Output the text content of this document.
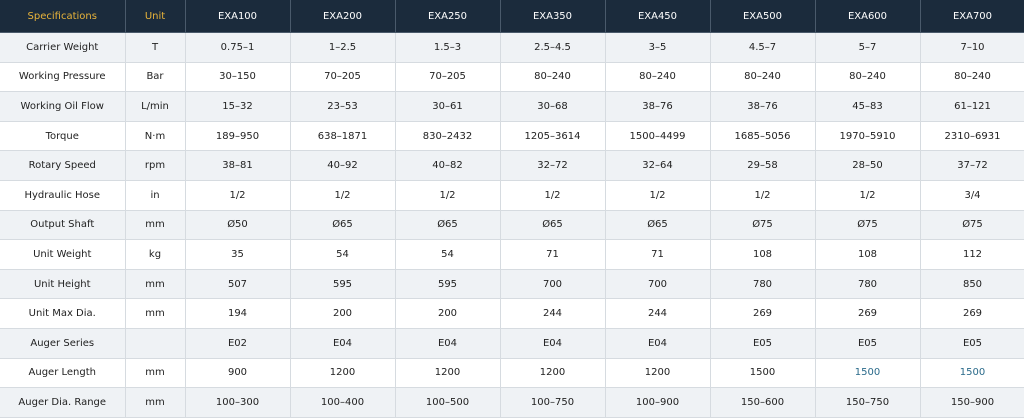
Specifications	Unit	EXA100	EXA200	EXA250	EXA350	EXA450	EXA500	EXA600	EXA700
Carrier Weight	T	0.75–1	1–2.5	1.5–3	2.5–4.5	3–5	4.5–7	5–7	7–10
Working Pressure	Bar	30–150	70–205	70–205	80–240	80–240	80–240	80–240	80–240
Working Oil Flow	L/min	15–32	23–53	30–61	30–68	38–76	38–76	45–83	61–121
Torque	N·m	189–950	638–1871	830–2432	1205–3614	1500–4499	1685–5056	1970–5910	2310–6931
Rotary Speed	rpm	38–81	40–92	40–82	32–72	32–64	29–58	28–50	37–72
Hydraulic Hose	in	1/2	1/2	1/2	1/2	1/2	1/2	1/2	3/4
Output Shaft	mm	Ø50	Ø65	Ø65	Ø65	Ø65	Ø75	Ø75	Ø75
Unit Weight	kg	35	54	54	71	71	108	108	112
Unit Height	mm	507	595	595	700	700	780	780	850
Unit Max Dia.	mm	194	200	200	244	244	269	269	269
Auger Series		E02	E04	E04	E04	E04	E05	E05	E05
Auger Length	mm	900	1200	1200	1200	1200	1500	1500	1500
Auger Dia. Range	mm	100–300	100–400	100–500	100–750	100–900	150–600	150–750	150–900
